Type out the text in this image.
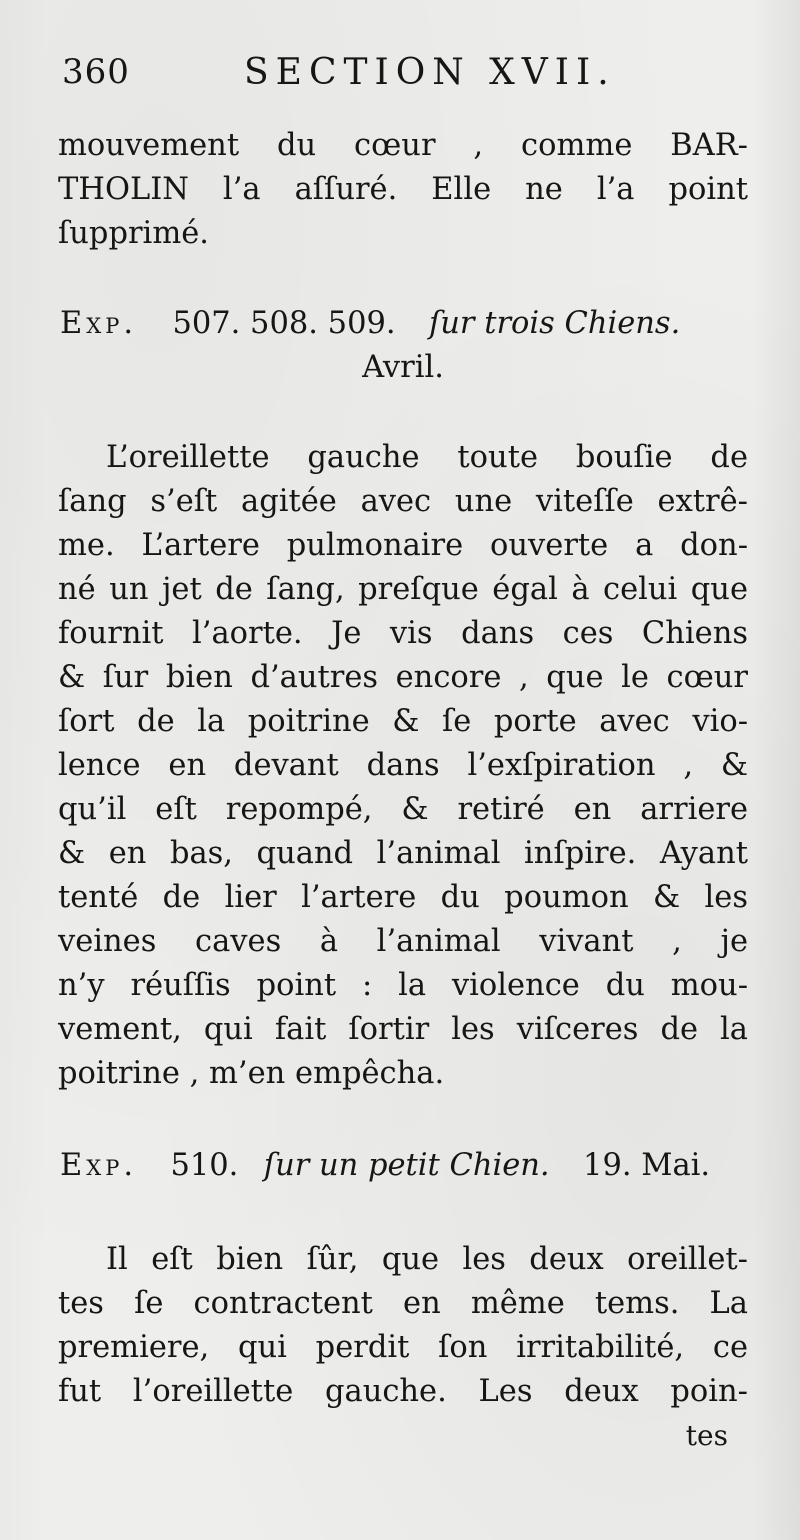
360	SECTION XVII.
mouvement du cœur , comme BAR-
THOLIN l’a aſſuré. Elle ne l’a point
ſupprimé.
Exp. 507. 508. 509. ſur trois Chiens.
Avril.
L’oreillette gauche toute bouſie de
ſang s’eſt agitée avec une viteſſe extrê-
me. L’artere pulmonaire ouverte a don-
né un jet de ſang, preſque égal à celui que
fournit l’aorte. Je vis dans ces Chiens
& ſur bien d’autres encore , que le cœur
ſort de la poitrine & ſe porte avec vio-
lence en devant dans l’exſpiration , &
qu’il eſt repompé, & retiré en arriere
& en bas, quand l’animal inſpire. Ayant
tenté de lier l’artere du poumon & les
veines caves à l’animal vivant , je
n’y réuſſis point : la violence du mou-
vement, qui fait ſortir les viſceres de la
poitrine , m’en empêcha.
Exp. 510. ſur un petit Chien. 19. Mai.
Il eſt bien ſûr, que les deux oreillet-
tes ſe contractent en même tems. La
premiere, qui perdit ſon irritabilité, ce
fut l’oreillette gauche. Les deux poin-
tes
